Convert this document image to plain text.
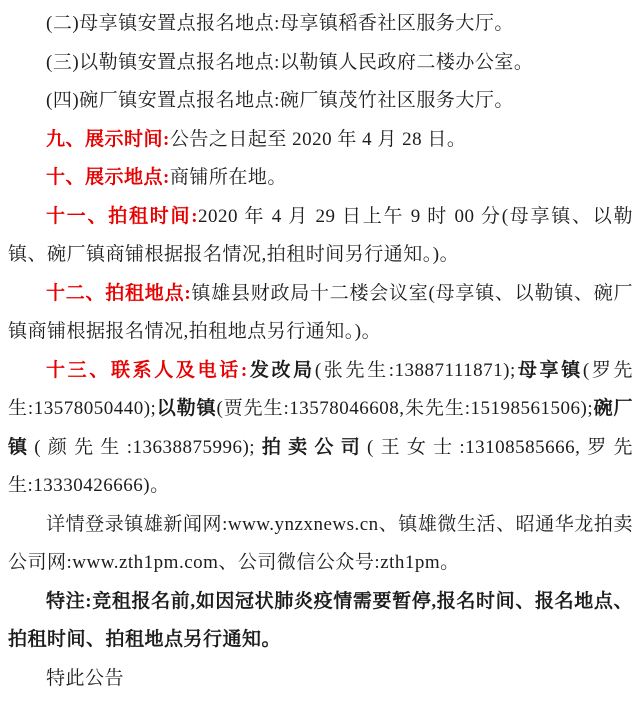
(二)母享镇安置点报名地点:母享镇稻香社区服务大厅。

(三)以勒镇安置点报名地点:以勒镇人民政府二楼办公室。

(四)碗厂镇安置点报名地点:碗厂镇茂竹社区服务大厅。

九、展示时间:公告之日起至 2020 年 4 月 28 日。

十、展示地点:商铺所在地。

十一、拍租时间:2020 年 4 月 29 日上午 9 时 00 分(母享镇、以勒镇、碗厂镇商铺根据报名情况,拍租时间另行通知。)。

十二、拍租地点:镇雄县财政局十二楼会议室(母享镇、以勒镇、碗厂镇商铺根据报名情况,拍租地点另行通知。)。

十三、联系人及电话:发改局(张先生:13887111871);母享镇(罗先生:13578050440);以勒镇(贾先生:13578046608,朱先生:15198561506);碗厂镇(颜先生:13638875996);拍卖公司(王女士:13108585666,罗先生:13330426666)。

详情登录镇雄新闻网:www.ynzxnews.cn、镇雄微生活、昭通华龙拍卖公司网:www.zth1pm.com、公司微信公众号:zth1pm。

特注:竞租报名前,如因冠状肺炎疫情需要暂停,报名时间、报名地点、拍租时间、拍租地点另行通知。

特此公告
